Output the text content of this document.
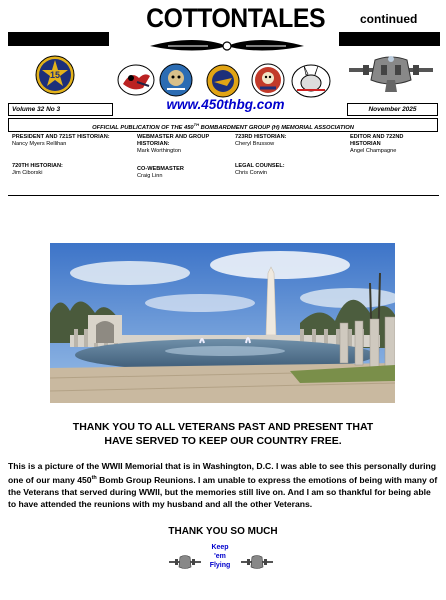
COTTONTALES	continued
15
Volume 32 No 3	www.450thbg.com	November 2025
OFFICIAL PUBLICATION OF THE 450TH BOMBARDMENT GROUP (H) MEMORIAL ASSOCIATION
PRESIDENT AND 721ST HISTORIAN:
Nancy Myers Rellihan
WEBMASTER AND GROUP HISTORIAN:
Mark Worthington
723RD HISTORIAN:
Cheryl Brussow
EDITOR AND 722ND HISTORIAN
Angel Champagne
720TH HISTORIAN:
Jim Ciborski
CO-WEBMASTER
Craig Linn
LEGAL COUNSEL:
Chris Corwin
THANK YOU TO ALL VETERANS PAST AND PRESENT THAT
HAVE SERVED TO KEEP OUR COUNTRY FREE.
This is a picture of the WWII Memorial that is in Washington, D.C. I was able to see this personally during one of our many 450th Bomb Group Reunions. I am unable to express the emotions of being with many of the Veterans that served during WWII, but the memories still live on. And I am so thankful for being able to have attended the reunions with my husband and all the other Veterans.
THANK YOU SO MUCH
Keep
'em
Flying
